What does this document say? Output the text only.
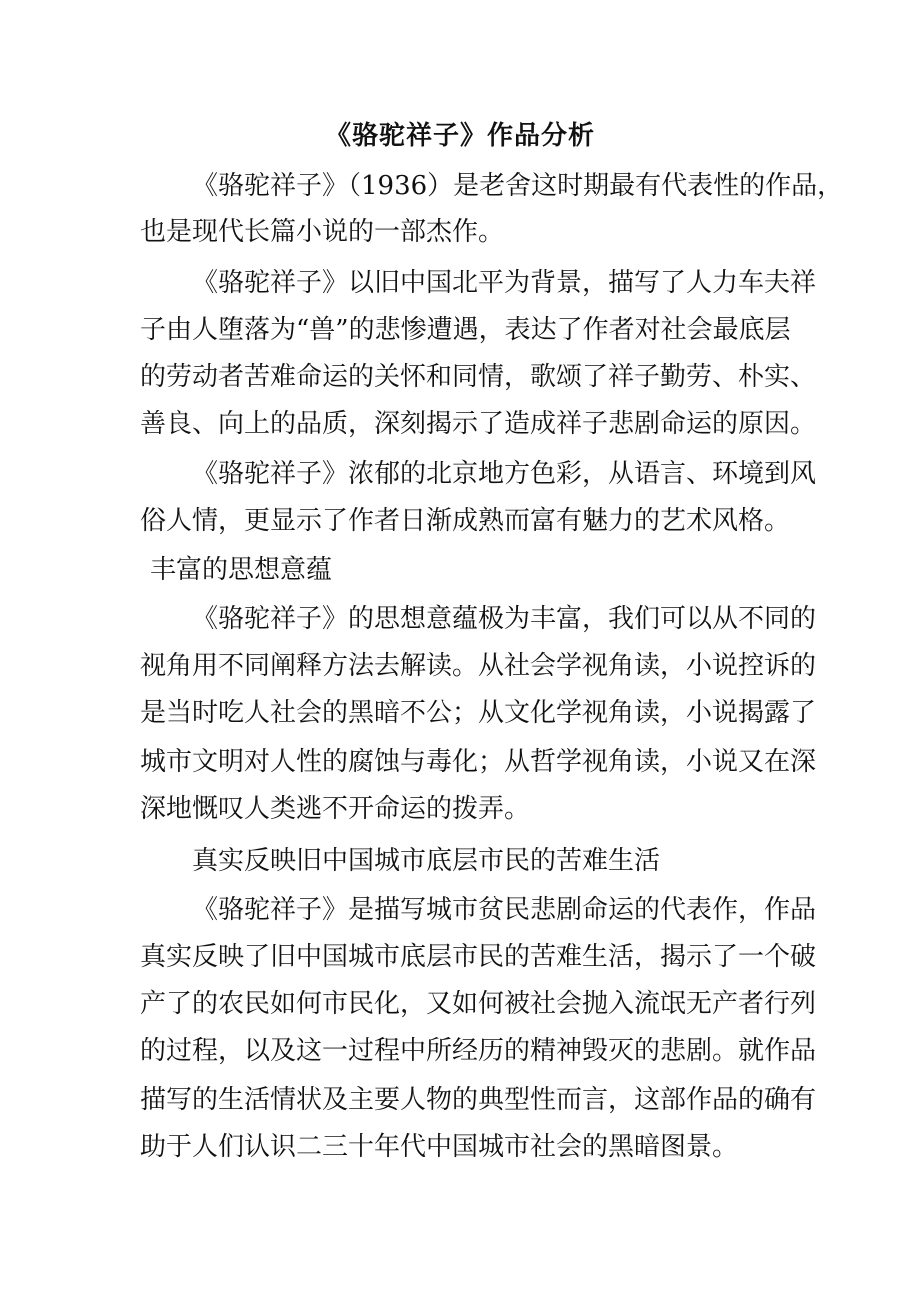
《骆驼祥子》作品分析
《骆驼祥子》（1936）是老舍这时期最有代表性的作品，
也是现代长篇小说的一部杰作。
《骆驼祥子》以旧中国北平为背景，描写了人力车夫祥
子由人堕落为“兽”的悲惨遭遇，表达了作者对社会最底层
的劳动者苦难命运的关怀和同情，歌颂了祥子勤劳、朴实、
善良、向上的品质，深刻揭示了造成祥子悲剧命运的原因。
《骆驼祥子》浓郁的北京地方色彩，从语言、环境到风
俗人情，更显示了作者日渐成熟而富有魅力的艺术风格。
丰富的思想意蕴
《骆驼祥子》的思想意蕴极为丰富，我们可以从不同的
视角用不同阐释方法去解读。从社会学视角读，小说控诉的
是当时吃人社会的黑暗不公；从文化学视角读，小说揭露了
城市文明对人性的腐蚀与毒化；从哲学视角读，小说又在深
深地慨叹人类逃不开命运的拨弄。
真实反映旧中国城市底层市民的苦难生活
《骆驼祥子》是描写城市贫民悲剧命运的代表作，作品
真实反映了旧中国城市底层市民的苦难生活，揭示了一个破
产了的农民如何市民化，又如何被社会抛入流氓无产者行列
的过程，以及这一过程中所经历的精神毁灭的悲剧。就作品
描写的生活情状及主要人物的典型性而言，这部作品的确有
助于人们认识二三十年代中国城市社会的黑暗图景。
